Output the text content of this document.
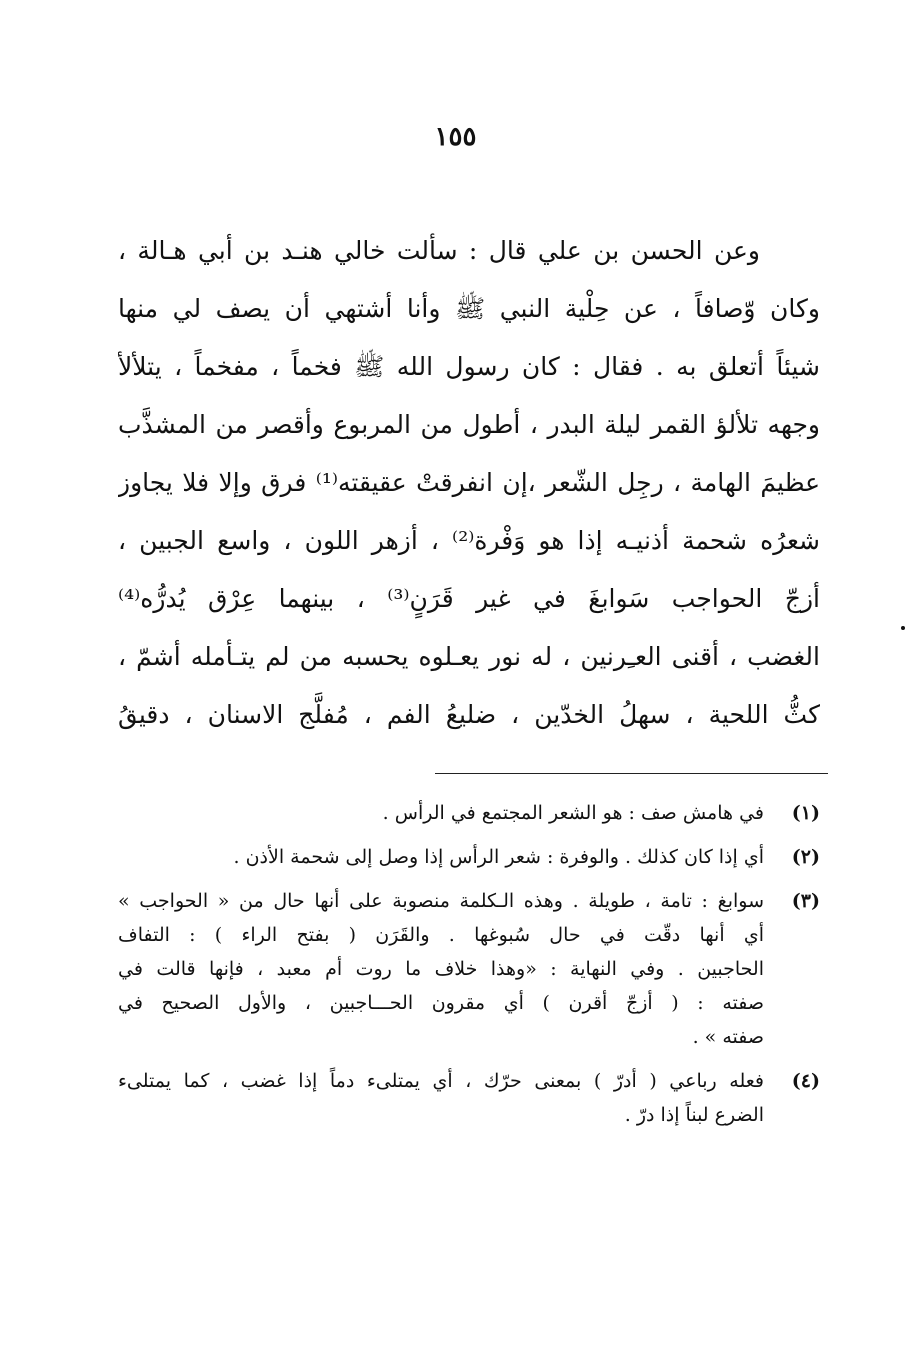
١٥٥
وعن الحسن بن علي قال : سألت خالي هنـد بن أبي هـالة ،
وكان وّصافاً ، عن حِلْية النبي ﷺ وأنا أشتهي أن يصف لي منها
شيئاً أتعلق به . فقال : كان رسول الله ﷺ فخماً ، مفخماً ، يتلألأ
وجهه تلألؤ القمر ليلة البدر ، أطول من المربوع وأقصر من المشذَّب
عظيمَ الهامة ، رجِل الشّعر ،إن انفرقتْ عقيقته⁽¹⁾ فرق وإلا فلا يجاوز
شعرُه شحمة أذنيـه إذا هو وَفْرة⁽²⁾ ، أزهر اللون ، واسع الجبين ،
أزجّ الحواجب سَوابغَ في غير قَرَنٍ⁽³⁾ ، بينهما عِرْق يُدرُّه⁽⁴⁾
الغضب ، أقنى العـِرنين ، له نور يعـلوه يحسبه من لم يتـأمله أشمّ ،
كثُّ اللحية ، سهلُ الخدّين ، ضليعُ الفم ، مُفلَّج الاسنان ، دقيقُ
(١)
في هامش صف : هو الشعر المجتمع في الرأس .
(٢)
أي إذا كان كذلك . والوفرة : شعر الرأس إذا وصل إلى شحمة الأذن .
(٣)
سوابغ : تامة ، طويلة . وهذه الـكلمة منصوبة على أنها حال من « الحواجب »
أي أنها دقّت في حال سُبوغها . والقَرَن ( بفتح الراء ) : التفاف
الحاجبين . وفي النهاية : «وهذا خلاف ما روت أم معبد ، فإنها قالت في
صفته : ( أزجّ أقرن ) أي مقرون الحـــاجبين ، والأول الصحيح في
صفته » .
(٤)
فعله رباعي ( أدرّ ) بمعنى حرّك ، أي يمتلىء دماً إذا غضب ، كما يمتلىء
الضرع لبناً إذا درّ .
